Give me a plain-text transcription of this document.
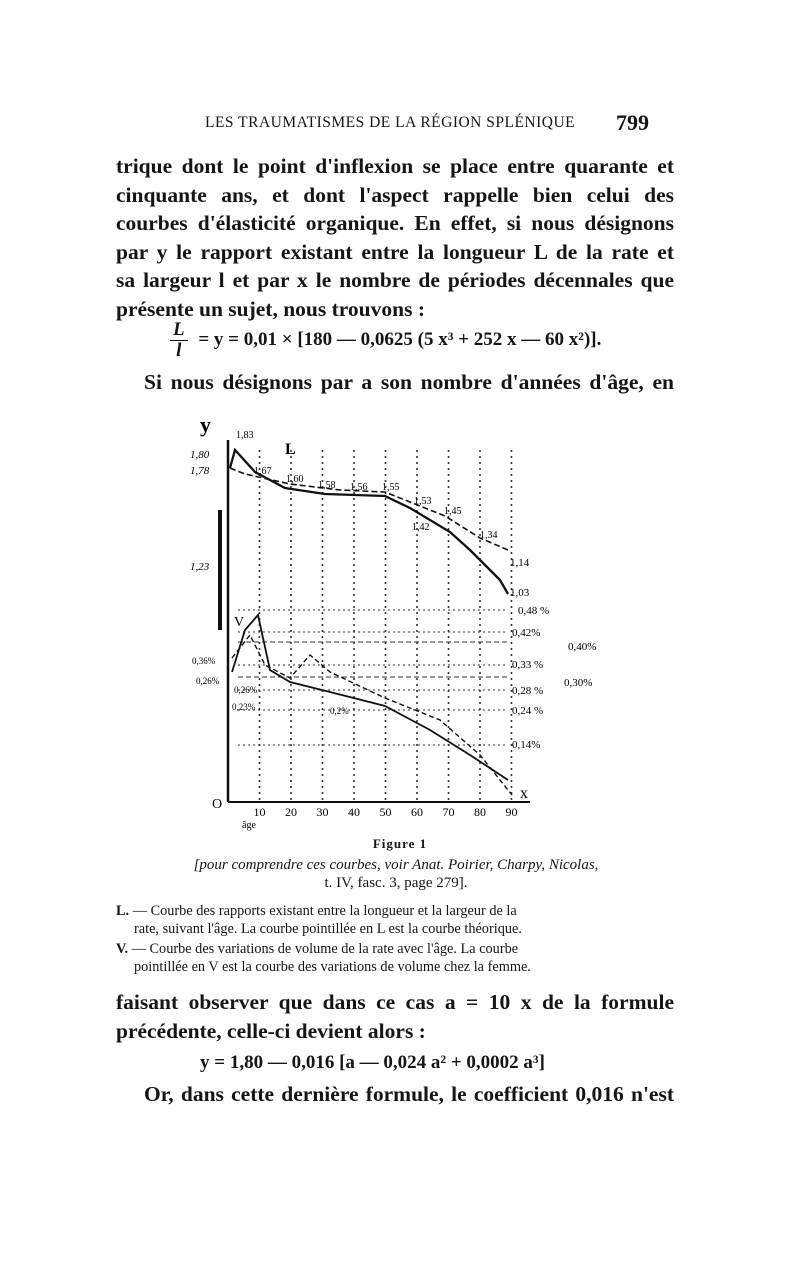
LES TRAUMATISMES DE LA RÉGION SPLÉNIQUE	799
trique dont le point d'inflexion se place entre quarante et
cinquante ans, et dont l'aspect rappelle bien celui des
courbes d'élasticité organique. En effet, si nous désignons
par y le rapport existant entre la longueur L de la rate et
sa largeur l et par x le nombre de périodes décennales que
présente un sujet, nous trouvons :
$\frac{L}{l} = y = 0,01 \times [180$ — 0,0625 (5 x³ + 252 x — 60 x²)].
Si nous désignons par a son nombre d'années d'âge, en
y
x
O
âge
L
V
10 20 30 40 50 60 70 80 90
1,80
1,78
1,23
1,83
1,67
1,60
1,58 1,56 1,55
1,53
1,45
1,42
1,34
1,14
1,03
0,36%
0,26%
0,26%
0,23%	0,2%
0,48 %
0,42%
0,40%
0,33 %
0,30%
0,28 %
0,24 %
0,14%
Figure 1
[pour comprendre ces courbes, voir Anat. Poirier, Charpy, Nicolas,
t. IV, fasc. 3, page 279].
L. — Courbe des rapports existant entre la longueur et la largeur de la
rate, suivant l'âge. La courbe pointillée en L est la courbe théorique.
V. — Courbe des variations de volume de la rate avec l'âge. La courbe
pointillée en V est la courbe des variations de volume chez la femme.
faisant observer que dans ce cas a = 10 x de la formule
précédente, celle-ci devient alors :
y = 1,80 — 0,016 [a — 0,024 a² + 0,0002 a³]
Or, dans cette dernière formule, le coefficient 0,016 n'est
